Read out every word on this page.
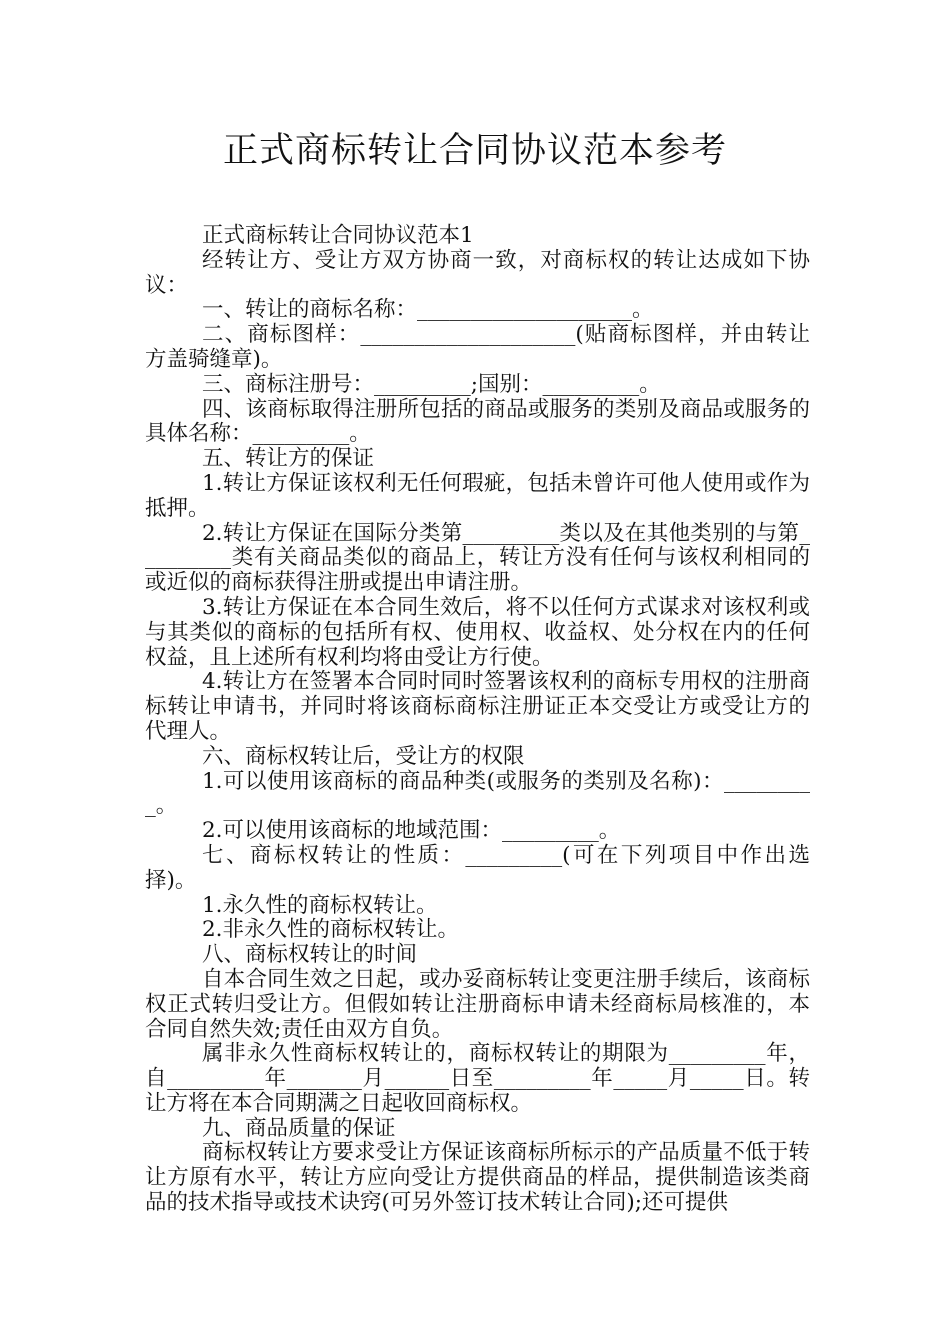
正式商标转让合同协议范本参考

正式商标转让合同协议范本1

经转让方、受让方双方协商一致，对商标权的转让达成如下协议：

一、转让的商标名称：____________________。

二、商标图样：____________________(贴商标图样，并由转让方盖骑缝章)。

三、商标注册号：_________;国别：_________。

四、该商标取得注册所包括的商品或服务的类别及商品或服务的具体名称：_________。

五、转让方的保证

1.转让方保证该权利无任何瑕疵，包括未曾许可他人使用或作为抵押。

2.转让方保证在国际分类第_________类以及在其他类别的与第_________类有关商品类似的商品上，转让方没有任何与该权利相同的或近似的商标获得注册或提出申请注册。

3.转让方保证在本合同生效后，将不以任何方式谋求对该权利或与其类似的商标的包括所有权、使用权、收益权、处分权在内的任何权益，且上述所有权利均将由受让方行使。

4.转让方在签署本合同时同时签署该权利的商标专用权的注册商标转让申请书，并同时将该商标商标注册证正本交受让方或受让方的代理人。

六、商标权转让后，受让方的权限

1.可以使用该商标的商品种类(或服务的类别及名称)：_________。

2.可以使用该商标的地域范围：_________。

七、商标权转让的性质：_________(可在下列项目中作出选择)。

1.永久性的商标权转让。

2.非永久性的商标权转让。

八、商标权转让的时间

自本合同生效之日起，或办妥商标转让变更注册手续后，该商标权正式转归受让方。但假如转让注册商标申请未经商标局核准的，本合同自然失效;责任由双方自负。

属非永久性商标权转让的，商标权转让的期限为_________年，自_________年_______月______日至_________年_____月_____日。转让方将在本合同期满之日起收回商标权。

九、商品质量的保证

商标权转让方要求受让方保证该商标所标示的产品质量不低于转让方原有水平，转让方应向受让方提供商品的样品，提供制造该类商品的技术指导或技术诀窍(可另外签订技术转让合同);还可提供
